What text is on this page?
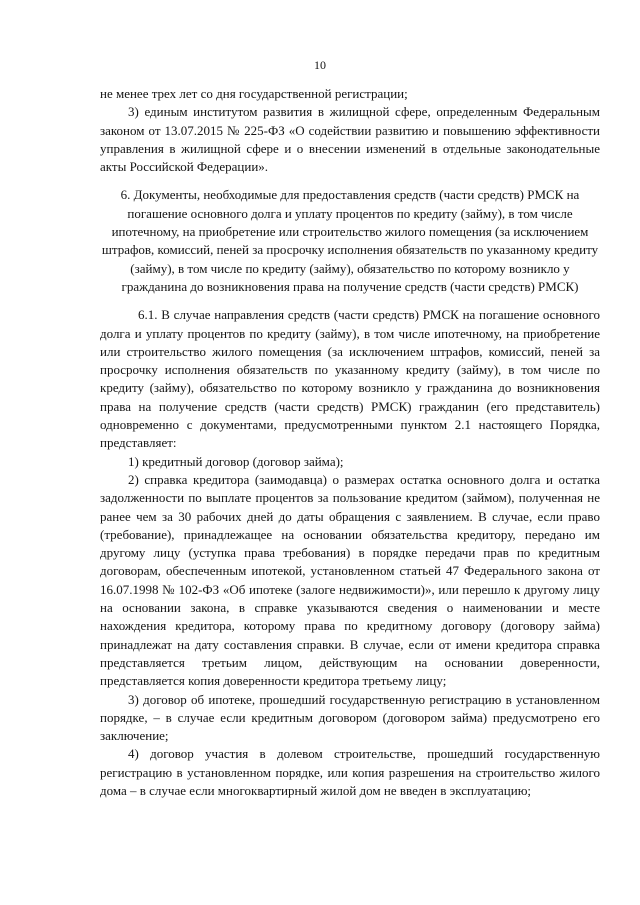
10

не менее трех лет со дня государственной регистрации;

3) единым институтом развития в жилищной сфере, определенным Федеральным законом от 13.07.2015 № 225-ФЗ «О содействии развитию и повышению эффективности управления в жилищной сфере и о внесении изменений в отдельные законодательные акты Российской Федерации».

6. Документы, необходимые для предоставления средств (части средств) РМСК на погашение основного долга и уплату процентов по кредиту (займу), в том числе ипотечному, на приобретение или строительство жилого помещения (за исключением штрафов, комиссий, пеней за просрочку исполнения обязательств по указанному кредиту (займу), в том числе по кредиту (займу), обязательство по которому возникло у гражданина до возникновения права на получение средств (части средств) РМСК)

6.1. В случае направления средств (части средств) РМСК на погашение основного долга и уплату процентов по кредиту (займу), в том числе ипотечному, на приобретение или строительство жилого помещения (за исключением штрафов, комиссий, пеней за просрочку исполнения обязательств по указанному кредиту (займу), в том числе по кредиту (займу), обязательство по которому возникло у гражданина до возникновения права на получение средств (части средств) РМСК) гражданин (его представитель) одновременно с документами, предусмотренными пунктом 2.1 настоящего Порядка, представляет:

1) кредитный договор (договор займа);

2) справка кредитора (заимодавца) о размерах остатка основного долга и остатка задолженности по выплате процентов за пользование кредитом (займом), полученная не ранее чем за 30 рабочих дней до даты обращения с заявлением. В случае, если право (требование), принадлежащее на основании обязательства кредитору, передано им другому лицу (уступка права требования) в порядке передачи прав по кредитным договорам, обеспеченным ипотекой, установленном статьей 47 Федерального закона от 16.07.1998 № 102-ФЗ «Об ипотеке (залоге недвижимости)», или перешло к другому лицу на основании закона, в справке указываются сведения о наименовании и месте нахождения кредитора, которому права по кредитному договору (договору займа) принадлежат на дату составления справки. В случае, если от имени кредитора справка представляется третьим лицом, действующим на основании доверенности, представляется копия доверенности кредитора третьему лицу;

3) договор об ипотеке, прошедший государственную регистрацию в установленном порядке, – в случае если кредитным договором (договором займа) предусмотрено его заключение;

4) договор участия в долевом строительстве, прошедший государственную регистрацию в установленном порядке, или копия разрешения на строительство жилого дома – в случае если многоквартирный жилой дом не введен в эксплуатацию;
